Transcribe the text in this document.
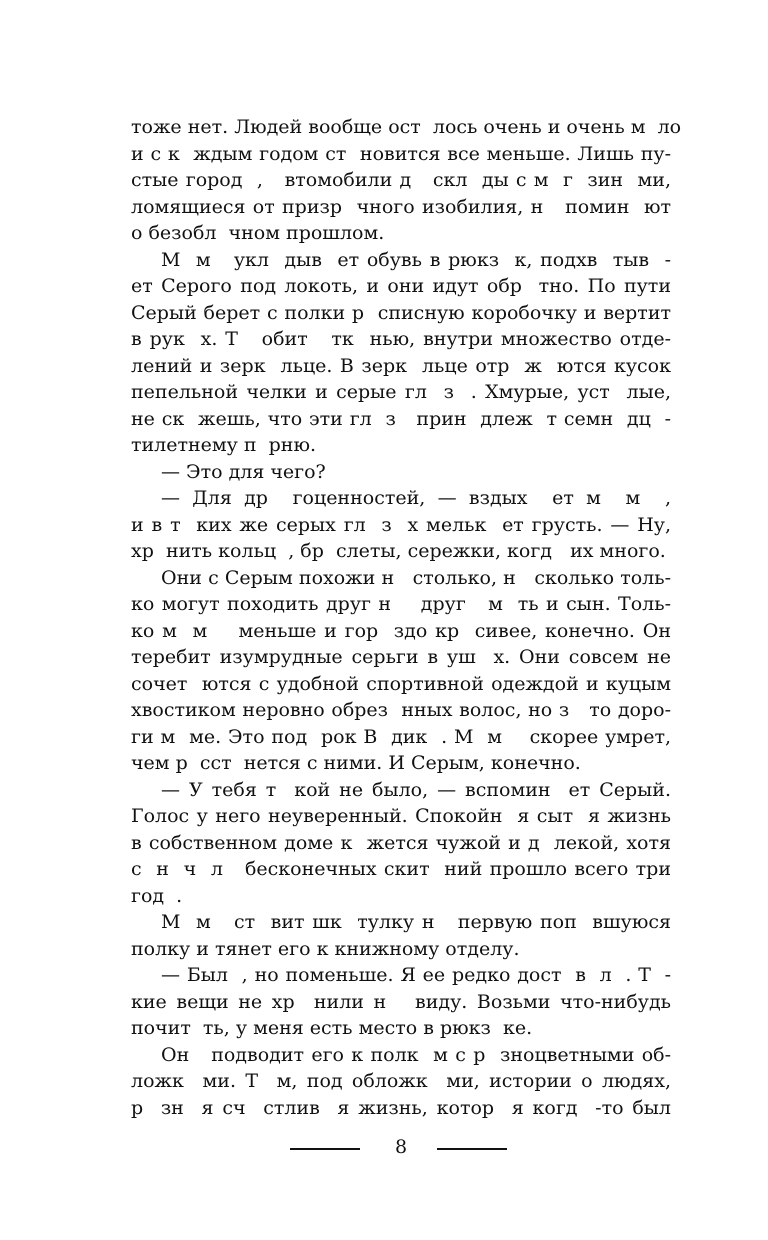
тоже нет. Людей вообще ост  лось очень и очень м  ло
и с к  ждым годом ст  новится все меньше. Лишь пу-
стые город  ,   втомобили д   скл  ды с м  г  зин  ми,
ломящиеся от призр  чного изобилия, н   помин  ют
о безобл  чном прошлом.
М  м   укл  дыв  ет обувь в рюкз  к, подхв  тыв  -
ет Серого под локоть, и они идут обр  тно. По пути
Серый берет с полки р  списную коробочку и вертит
в рук  х. Т   обит   тк  нью, внутри множество отде-
лений и зерк  льце. В зерк  льце отр  ж  ются кусок
пепельной челки и серые гл  з  . Хмурые, уст  лые,
не ск  жешь, что эти гл  з   прин  длеж  т семн  дц  -
тилетнему п  рню.
— Это для чего?
— Для др  гоценностей, — вздых  ет м  м  ,
и в т  ких же серых гл  з  х мельк  ет грусть. — Ну,
хр  нить кольц  , бр  слеты, сережки, когд   их много.
Они с Серым похожи н   столько, н   сколько толь-
ко могут походить друг н    друг   м  ть и сын. Толь-
ко м  м    меньше и гор  здо кр  сивее, конечно. Он
теребит изумрудные серьги в уш  х. Они совсем не
сочет  ются с удобной спортивной одеждой и куцым
хвостиком неровно обрез  нных волос, но з   то доро-
ги м  ме. Это под  рок В  дик  . М  м    скорее умрет,
чем р  сст  нется с ними. И Серым, конечно.
— У тебя т  кой не было, — вспомин  ет Серый.
Голос у него неуверенный. Спокойн  я сыт  я жизнь
в собственном доме к  жется чужой и д  лекой, хотя
с  н  ч  л   бесконечных скит  ний прошло всего три
год  .
М  м   ст  вит шк  тулку н   первую поп  вшуюся
полку и тянет его к книжному отделу.
— Был  , но поменьше. Я ее редко дост  в  л  . Т  -
кие вещи не хр  нили н   виду. Возьми что-нибудь
почит  ть, у меня есть место в рюкз  ке.
Он   подводит его к полк  м с р  зноцветными об-
ложк  ми. Т  м, под обложк  ми, истории о людях,
р  зн  я сч  стлив  я жизнь, котор  я когд  -то был
8
